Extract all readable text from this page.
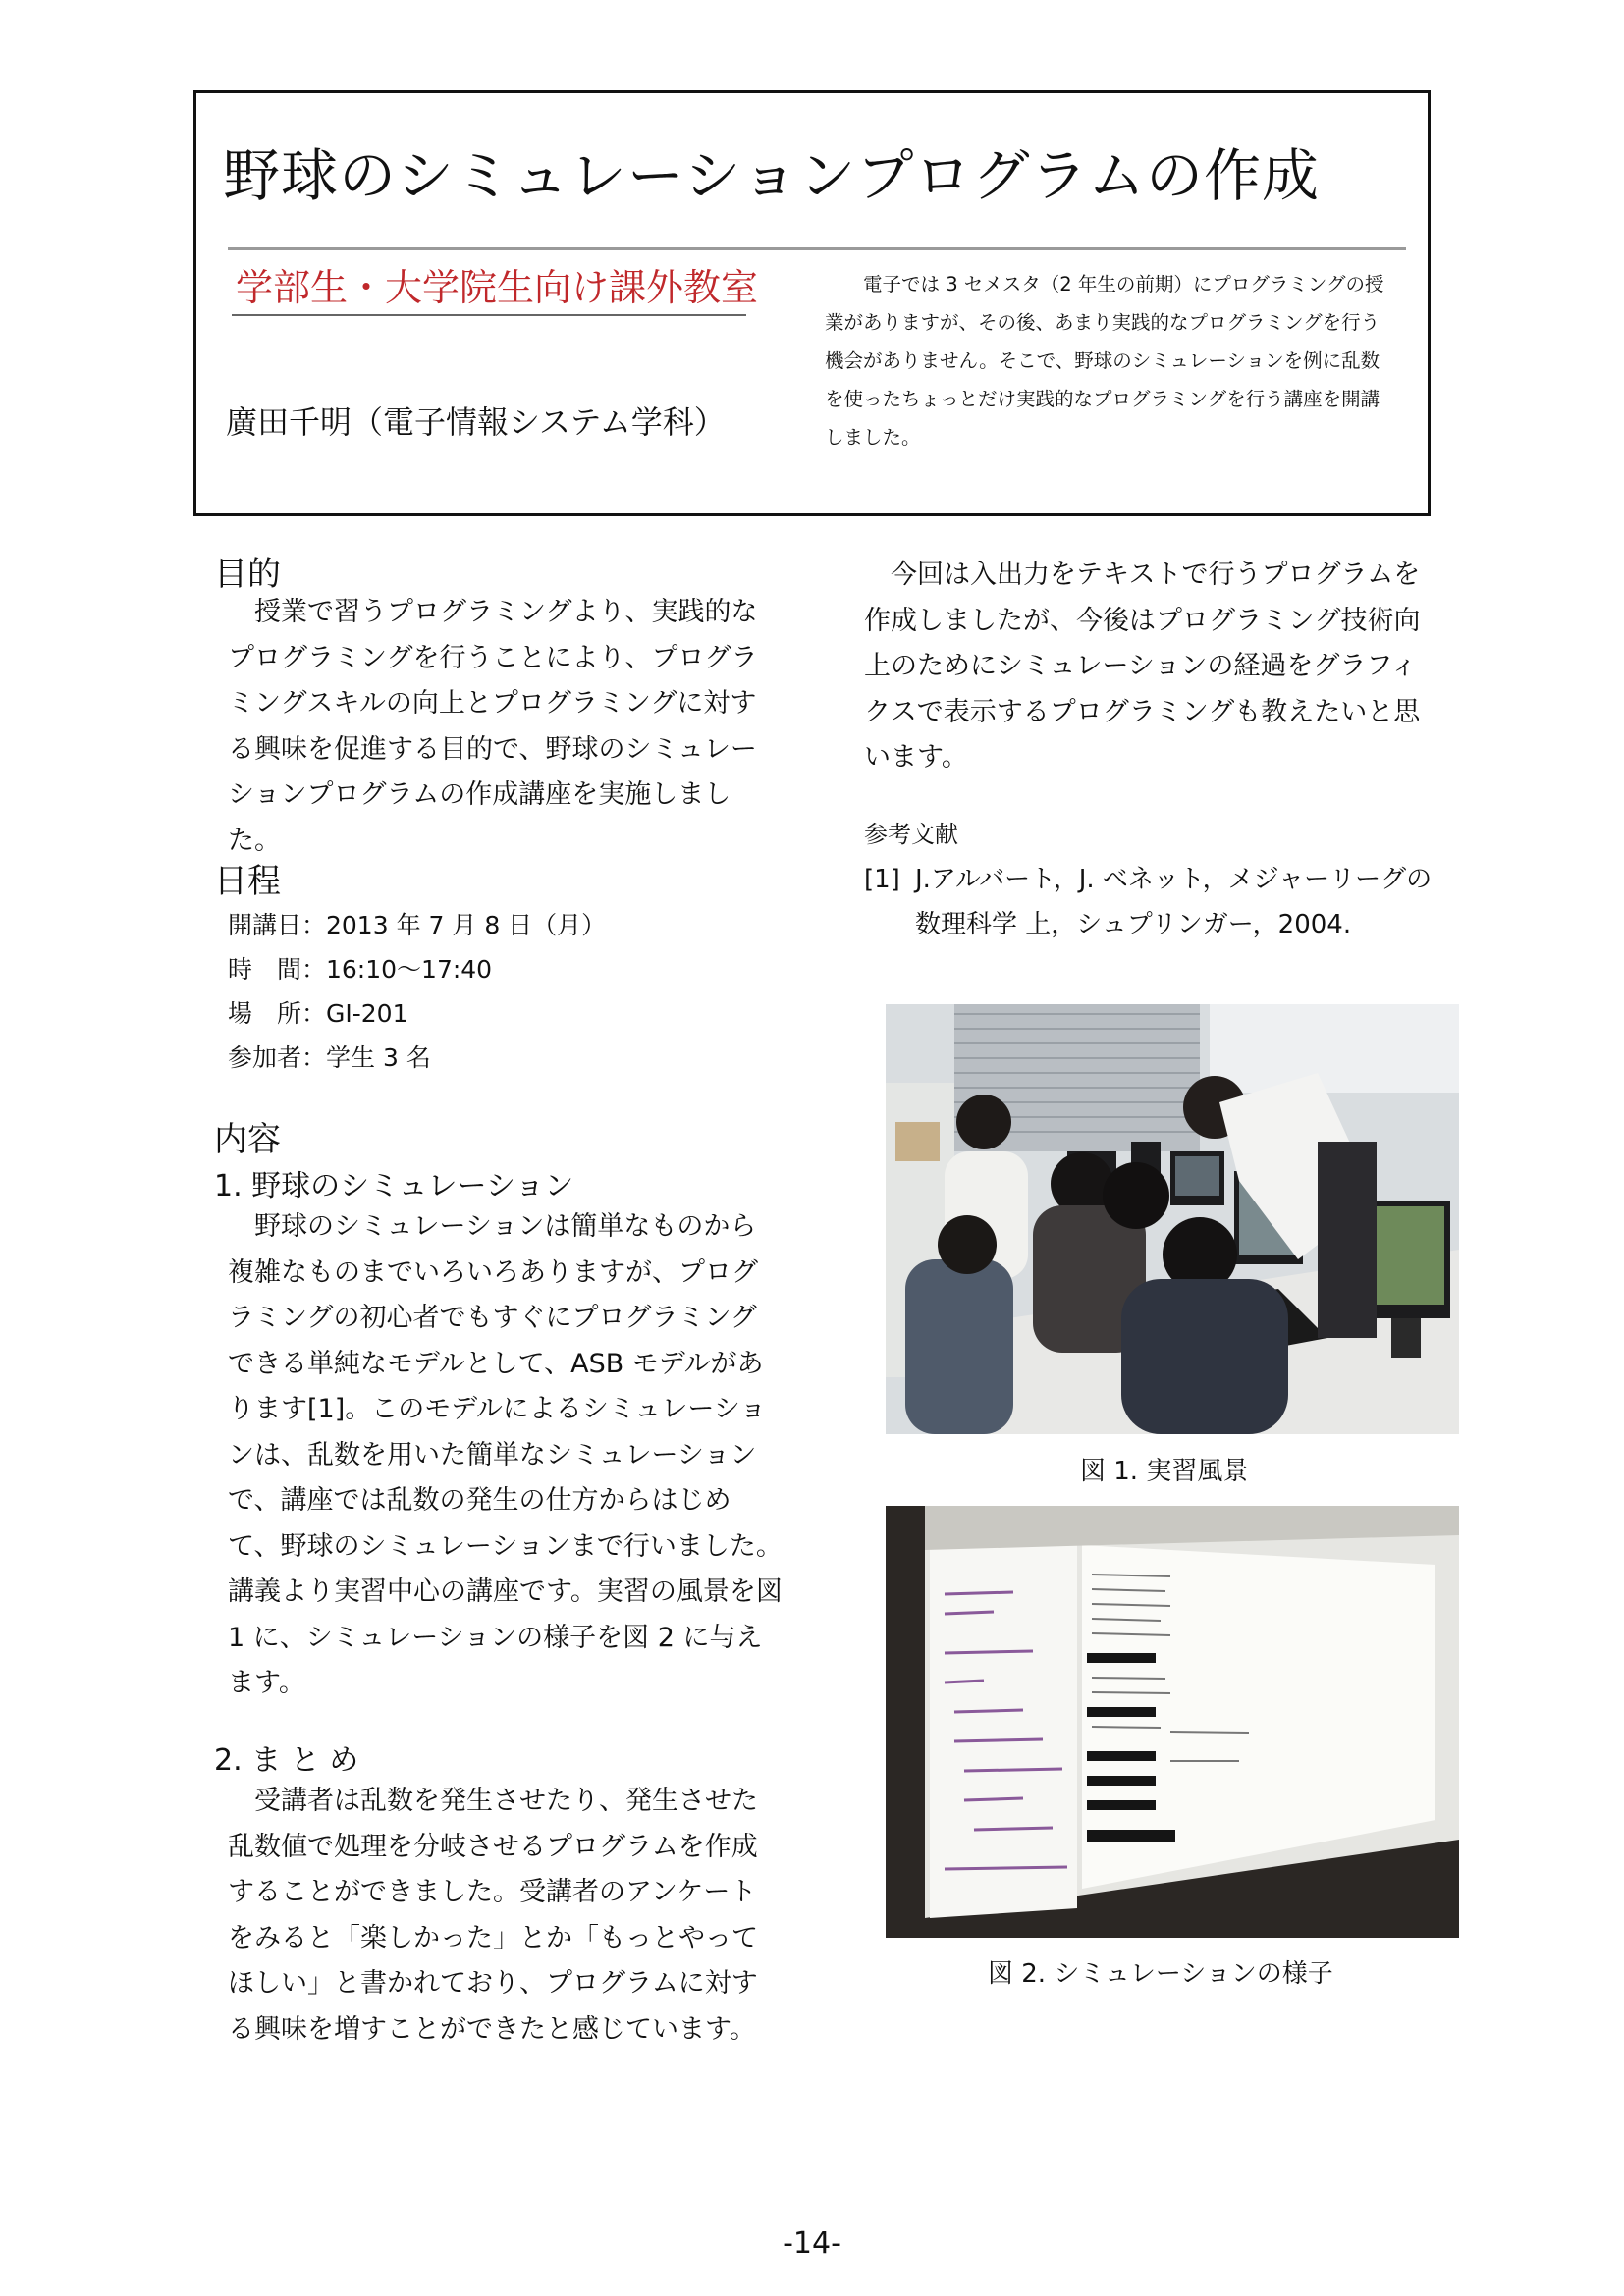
野球のシミュレーションプログラムの作成
学部生・大学院生向け課外教室
廣田千明（電子情報システム学科）

電子では 3 セメスタ（2 年生の前期）にプログラミングの授業がありますが、その後、あまり実践的なプログラミングを行う機会がありません。そこで、野球のシミュレーションを例に乱数を使ったちょっとだけ実践的なプログラミングを行う講座を開講しました。

目的

授業で習うプログラミングより、実践的なプログラミングを行うことにより、プログラミングスキルの向上とプログラミングに対する興味を促進する目的で、野球のシミュレーションプログラムの作成講座を実施しました。

日程
開講日：2013 年 7 月 8 日（月）
時　間：16:10〜17:40
場　所：GI-201
参加者：学生 3 名
内容
1. 野球のシミュレーション

野球のシミュレーションは簡単なものから複雑なものまでいろいろありますが、プログラミングの初心者でもすぐにプログラミングできる単純なモデルとして、ASB モデルがあります[1]。このモデルによるシミュレーションは、乱数を用いた簡単なシミュレーションで、講座では乱数の発生の仕方からはじめて、野球のシミュレーションまで行いました。講義より実習中心の講座です。実習の風景を図 1 に、シミュレーションの様子を図 2 に与えます。

2. ま と め

受講者は乱数を発生させたり、発生させた乱数値で処理を分岐させるプログラムを作成することができました。受講者のアンケートをみると「楽しかった」とか「もっとやってほしい」と書かれており、プログラムに対する興味を増すことができたと感じています。

今回は入出力をテキストで行うプログラムを作成しましたが、今後はプログラミング技術向上のためにシミュレーションの経過をグラフィクスで表示するプログラミングも教えたいと思います。

参考文献
[1] J.アルバート，J. ベネット，メジャーリーグの数理科学 上，シュプリンガー，2004.
図 1. 実習風景
図 2. シミュレーションの様子
-14-
